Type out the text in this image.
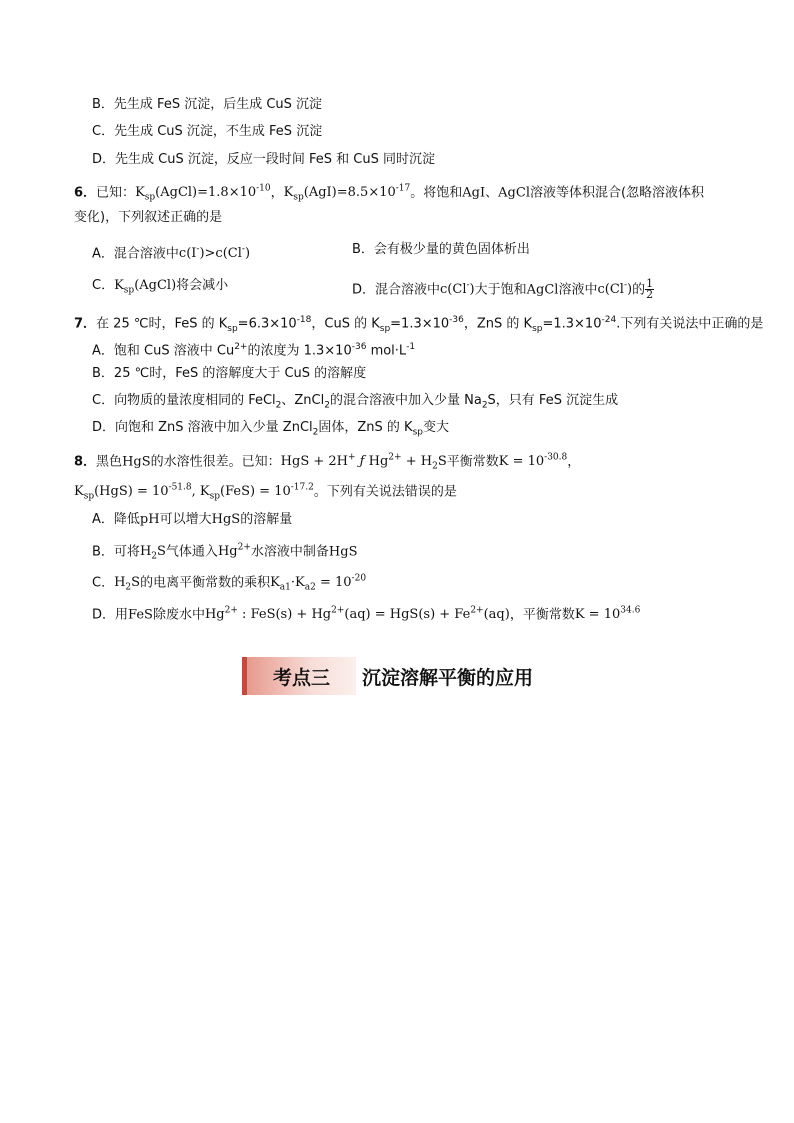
B．先生成 FeS 沉淀，后生成 CuS 沉淀
C．先生成 CuS 沉淀，不生成 FeS 沉淀
D．先生成 CuS 沉淀，反应一段时间 FeS 和 CuS 同时沉淀
6．已知：$K_{sp}(AgCl)=1.8\times 10^{-10}$，$K_{sp}(AgI)=8.5\times 10^{-17}$。将饱和AgI、AgCl溶液等体积混合(忽略溶液体积
变化)，下列叙述正确的是
A．混合溶液中c(I-)>c(Cl-)	B．会有极少量的黄色固体析出
C．$K_{sp}(AgCl)$将会减小	D．混合溶液中c(Cl-)大于饱和AgCl溶液中c(Cl-)的 $\frac{1}{2}$
7．在 25 ℃时，FeS 的 $K_{sp}=6.3\times 10^{-18}$，CuS 的 $K_{sp}=1.3\times 10^{-36}$，ZnS 的 $K_{sp}=1.3\times 10^{-24}$.下列有关说法中正确的是
A．饱和 CuS 溶液中 $Cu^{2+}$的浓度为 $1.3\times 10^{-36}$ $mol\cdot L^{-1}$
B．25 ℃时，FeS 的溶解度大于 CuS 的溶解度
C．向物质的量浓度相同的 FeCl$_2$、ZnCl$_2$的混合溶液中加入少量 $Na_2S$，只有 FeS 沉淀生成
D．向饱和 ZnS 溶液中加入少量 ZnCl$_2$固体，ZnS 的 $K_{sp}$变大
8．黑色HgS的水溶性很差。已知：HgS + 2H+ ƒ $Hg^{2+} + H_2S$平衡常数$K = 10^{-30.8}$，
$K_{sp}(HgS) = 10^{-51.8}$, $K_{sp}(FeS) = 10^{-17.2}$。下列有关说法错误的是
A．降低pH可以增大HgS的溶解量
B．可将$H_2S$气体通入$Hg^{2+}$水溶液中制备HgS
C．$H_2S$的电离平衡常数的乘积$K_{a1}\cdot K_{a2} = 10^{-20}$
D．用FeS除废水中$Hg^{2+}$ : $FeS(s) + Hg^{2+}(aq) = HgS(s) + Fe^{2+}(aq)$，平衡常数$K = 10^{34.6}$
考点三 沉淀溶解平衡的应用
